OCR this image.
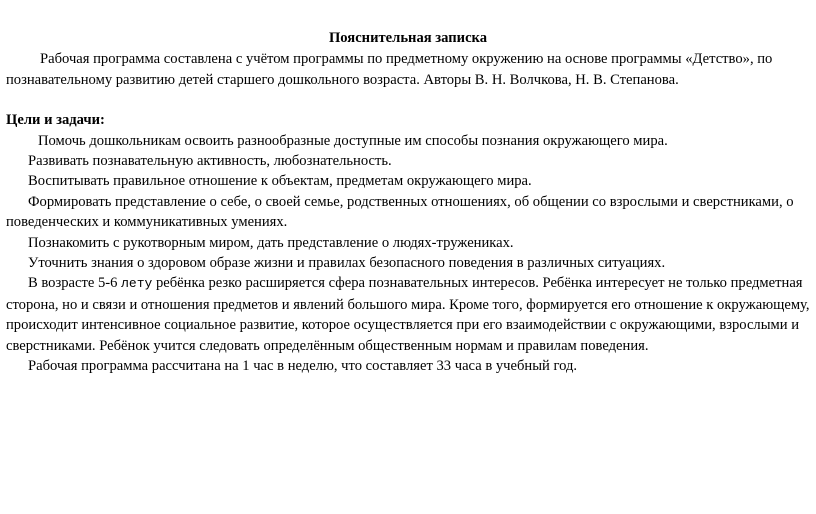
Пояснительная записка

Рабочая программа составлена с учётом программы по предметному окружению на основе программы «Детство», по познавательному развитию детей старшего дошкольного возраста. Авторы В. Н. Волчкова, Н. В. Степанова.

Цели и задачи:

Помочь дошкольникам освоить разнообразные доступные им способы познания окружающего мира.

Развивать познавательную активность, любознательность.

Воспитывать правильное отношение к объектам, предметам окружающего мира.

Формировать представление о себе, о своей семье, родственных отношениях, об общении со взрослыми и сверстниками, о поведенческих и коммуникативных умениях.

Познакомить с рукотворным миром, дать представление о людях-тружениках.

Уточнить знания о здоровом образе жизни и правилах безопасного поведения в различных ситуациях.

В возрасте 5-6 лету ребёнка резко расширяется сфера познавательных интересов. Ребёнка интересует не только предметная сторона, но и связи и отношения предметов и явлений большого мира. Кроме того, формируется его отношение к окружающему, происходит интенсивное социальное развитие, которое осуществляется при его взаимодействии с окружающими, взрослыми и сверстниками. Ребёнок учится следовать определённым общественным нормам и правилам поведения.

Рабочая программа рассчитана на 1 час в неделю, что составляет 33 часа в учебный год.
